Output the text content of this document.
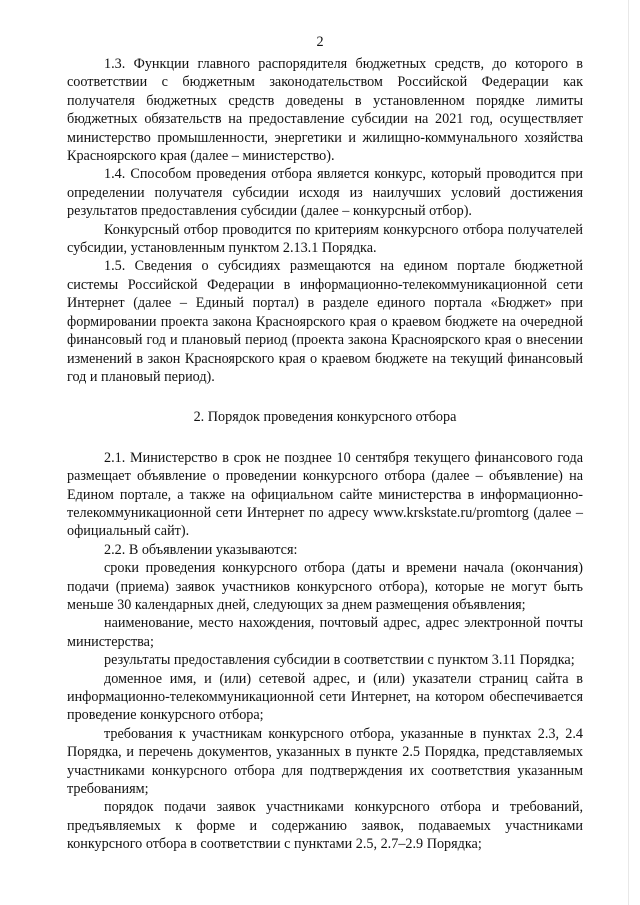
2

1.3. Функции главного распорядителя бюджетных средств, до которого в соответствии с бюджетным законодательством Российской Федерации как получателя бюджетных средств доведены в установленном порядке лимиты бюджетных обязательств на предоставление субсидии на 2021 год, осуществляет министерство промышленности, энергетики и жилищно-коммунального хозяйства Красноярского края (далее – министерство).

1.4. Способом проведения отбора является конкурс, который проводится при определении получателя субсидии исходя из наилучших условий достижения результатов предоставления субсидии (далее – конкурсный отбор).

Конкурсный отбор проводится по критериям конкурсного отбора получателей субсидии, установленным пунктом 2.13.1 Порядка.

1.5. Сведения о субсидиях размещаются на едином портале бюджетной системы Российской Федерации в информационно-телекоммуникационной сети Интернет (далее – Единый портал) в разделе единого портала «Бюджет» при формировании проекта закона Красноярского края о краевом бюджете на очередной финансовый год и плановый период (проекта закона Красноярского края о внесении изменений в закон Красноярского края о краевом бюджете на текущий финансовый год и плановый период).

2. Порядок проведения конкурсного отбора

2.1. Министерство в срок не позднее 10 сентября текущего финансового года размещает объявление о проведении конкурсного отбора (далее – объявление) на Едином портале, а также на официальном сайте министерства в информационно-телекоммуникационной сети Интернет по адресу www.krskstate.ru/promtorg (далее – официальный сайт).

2.2. В объявлении указываются:

сроки проведения конкурсного отбора (даты и времени начала (окончания) подачи (приема) заявок участников конкурсного отбора), которые не могут быть меньше 30 календарных дней, следующих за днем размещения объявления;

наименование, место нахождения, почтовый адрес, адрес электронной почты министерства;

результаты предоставления субсидии в соответствии с пунктом 3.11 Порядка;

доменное имя, и (или) сетевой адрес, и (или) указатели страниц сайта в информационно-телекоммуникационной сети Интернет, на котором обеспечивается проведение конкурсного отбора;

требования к участникам конкурсного отбора, указанные в пунктах 2.3, 2.4 Порядка, и перечень документов, указанных в пункте 2.5 Порядка, представляемых участниками конкурсного отбора для подтверждения их соответствия указанным требованиям;

порядок подачи заявок участниками конкурсного отбора и требований, предъявляемых к форме и содержанию заявок, подаваемых участниками конкурсного отбора в соответствии с пунктами 2.5, 2.7–2.9 Порядка;
